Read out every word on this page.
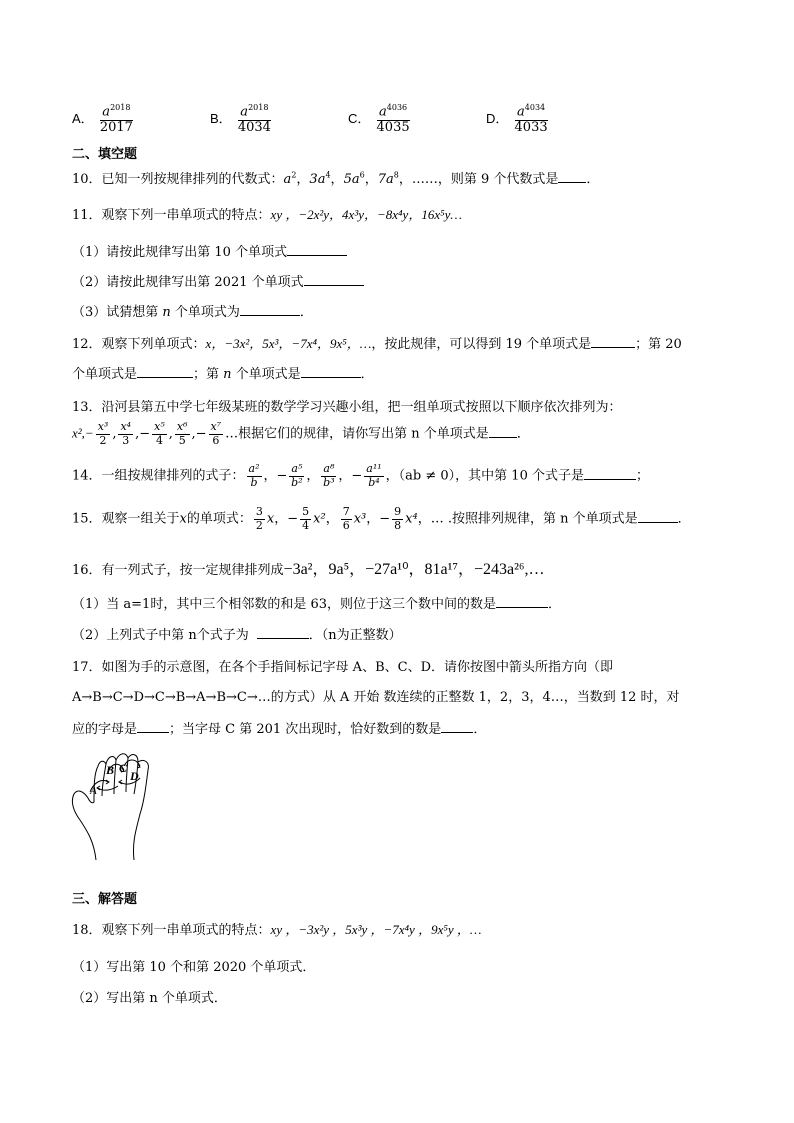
A． $\frac{a^{2018}}{2017}$	B． $\frac{a^{2018}}{4034}$	C． $\frac{a^{4036}}{4035}$	D． $\frac{a^{4034}}{4033}$
二、填空题
10．已知一列按规律排列的代数式：$a^2$，$3a^4$，$5a^6$，$7a^8$，……，则第 9 个代数式是 ．
11．观察下列一串单项式的特点：xy ，−2x²y，4x³y，−8x⁴y，16x⁵y…
（1）请按此规律写出第 10 个单项式
（2）请按此规律写出第 2021 个单项式
（3）试猜想第 n 个单项式为	．
12．观察下列单项式：x，−3x²，5x³，−7x⁴，9x⁵，…，按此规律，可以得到 19 个单项式是	；第 20
个单项式是	；第 n 个单项式是	．
13．沿河县第五中学七年级某班的数学学习兴趣小组，把一组单项式按照以下顺序依次排列为：
$x^2,- \frac{\text{x³}}{2}$ , $\frac{\text{x⁴}}{3}$ ,− $\frac{\text{x⁵}}{4}$ , $\frac{\text{x⁶}}{5}$ ,− $\frac{\text{x⁷}}{6}$ …根据它们的规律，请你写出第 n 个单项式是 ．
14．一组按规律排列的式子： $\frac{\text{a²}}{b}$ ，− $\frac{\text{a⁵}}{\text{b²}}$ ， $\frac{\text{a⁸}}{\text{b³}}$ ，− $\frac{\text{a¹¹}}{\text{b⁴}}$ ，（ab ≠ 0），其中第 10 个式子是	；
15．观察一组关于x的单项式： $\frac{3}{2}$ x，− $\frac{5}{4} x^2$， $\frac{7}{6} x^3$，− $\frac{9}{8} x^4$，… .按照排列规律，第 n 个单项式是	．
16．有一列式子，按一定规律排列成−3a²，9a⁵，−27a¹⁰，81a¹⁷，−243a²⁶,…
（1）当 a=1时，其中三个相邻数的和是 63，则位于这三个数中间的数是	．
（2）上列式子中第 n个式子为	．（n为正整数）
17．如图为手的示意图，在各个手指间标记字母 A、B、C、D．请你按图中箭头所指方向（即
A→B→C→D→C→B→A→B→C→…的方式）从 A 开始 数连续的正整数 1，2，3，4…，当数到 12 时，对
应的字母是 ；当字母 C 第 201 次出现时，恰好数到的数是 ．
A
B C
D
三、解答题
18．观察下列一串单项式的特点：xy ，−3x²y ，5x³y ，−7x⁴y ，9x⁵y ，…
（1）写出第 10 个和第 2020 个单项式．
（2）写出第 n 个单项式．
